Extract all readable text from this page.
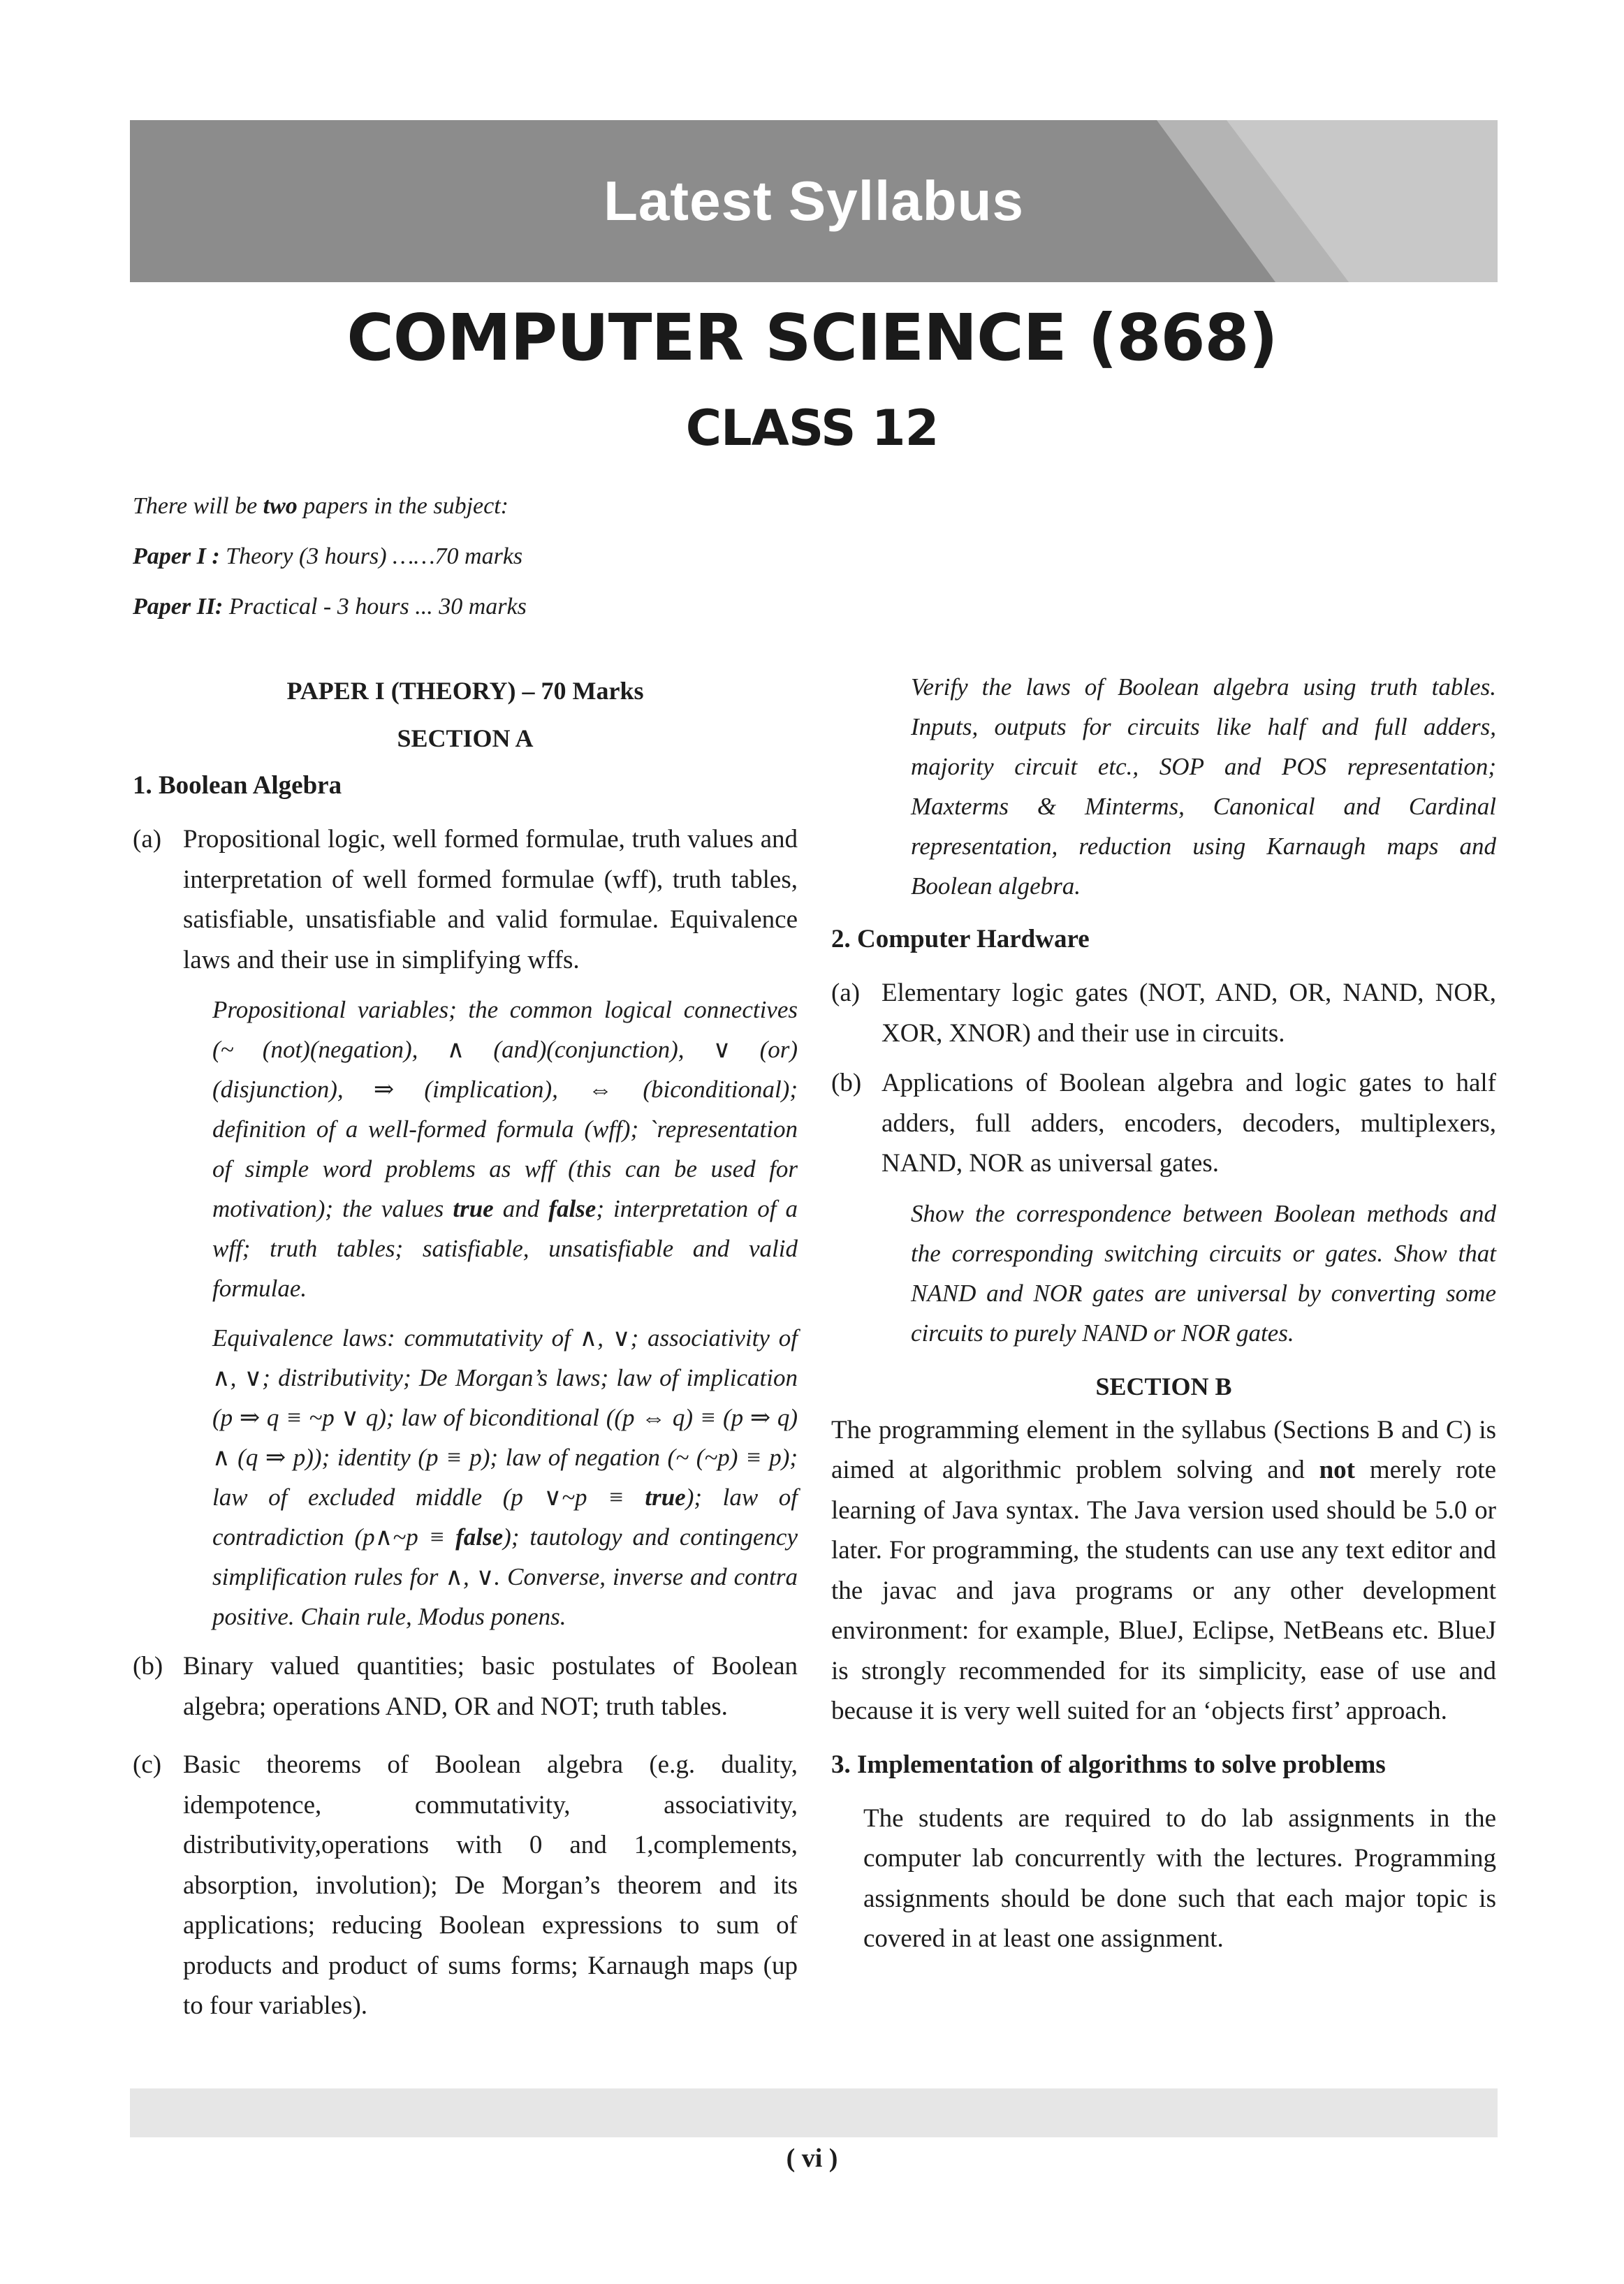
Latest Syllabus
COMPUTER SCIENCE (868)
CLASS 12

There will be two papers in the subject:

Paper I : Theory (3 hours) ……70 marks

Paper II: Practical - 3 hours ... 30 marks

PAPER I (THEORY) – 70 Marks

SECTION A

1. Boolean Algebra

(a) Propositional logic, well formed formulae, truth values and interpretation of well formed formulae (wff), truth tables, satisfiable, unsatisfiable and valid formulae. Equivalence laws and their use in simplifying wffs.
Propositional variables; the common logical connectives (~ (not)(negation), ∧ (and)(conjunction), ∨ (or) (disjunction), ⇒ (implication), ⇔ (biconditional); definition of a well-formed formula (wff); `representation of simple word problems as wff (this can be used for motivation); the values true and false; interpretation of a wff; truth tables; satisfiable, unsatisfiable and valid formulae.
Equivalence laws: commutativity of ∧, ∨; associativity of ∧, ∨; distributivity; De Morgan’s laws; law of implication (p ⇒ q ≡ ~p ∨ q); law of biconditional ((p ⇔ q) ≡ (p ⇒ q) ∧ (q ⇒ p)); identity (p ≡ p); law of negation (~ (~p) ≡ p); law of excluded middle (p ∨~p ≡ true); law of contradiction (p∧~p ≡ false); tautology and contingency simplification rules for ∧, ∨. Converse, inverse and contra positive. Chain rule, Modus ponens.
(b) Binary valued quantities; basic postulates of Boolean algebra; operations AND, OR and NOT; truth tables.
(c) Basic theorems of Boolean algebra (e.g. duality, idempotence, commutativity, associativity, distributivity,operations with 0 and 1,complements, absorption, involution); De Morgan’s theorem and its applications; reducing Boolean expressions to sum of products and product of sums forms; Karnaugh maps (up to four variables).
Verify the laws of Boolean algebra using truth tables. Inputs, outputs for circuits like half and full adders, majority circuit etc., SOP and POS representation; Maxterms & Minterms, Canonical and Cardinal representation, reduction using Karnaugh maps and Boolean algebra.

2. Computer Hardware

(a) Elementary logic gates (NOT, AND, OR, NAND, NOR, XOR, XNOR) and their use in circuits.
(b) Applications of Boolean algebra and logic gates to half adders, full adders, encoders, decoders, multiplexers, NAND, NOR as universal gates.
Show the correspondence between Boolean methods and the corresponding switching circuits or gates. Show that NAND and NOR gates are universal by converting some circuits to purely NAND or NOR gates.

SECTION B

The programming element in the syllabus (Sections B and C) is aimed at algorithmic problem solving and not merely rote learning of Java syntax. The Java version used should be 5.0 or later. For programming, the students can use any text editor and the javac and java programs or any other development environment: for example, BlueJ, Eclipse, NetBeans etc. BlueJ is strongly recommended for its simplicity, ease of use and because it is very well suited for an ‘objects first’ approach.

3. Implementation of algorithms to solve problems

The students are required to do lab assignments in the computer lab concurrently with the lectures. Programming assignments should be done such that each major topic is covered in at least one assignment.
( vi )
